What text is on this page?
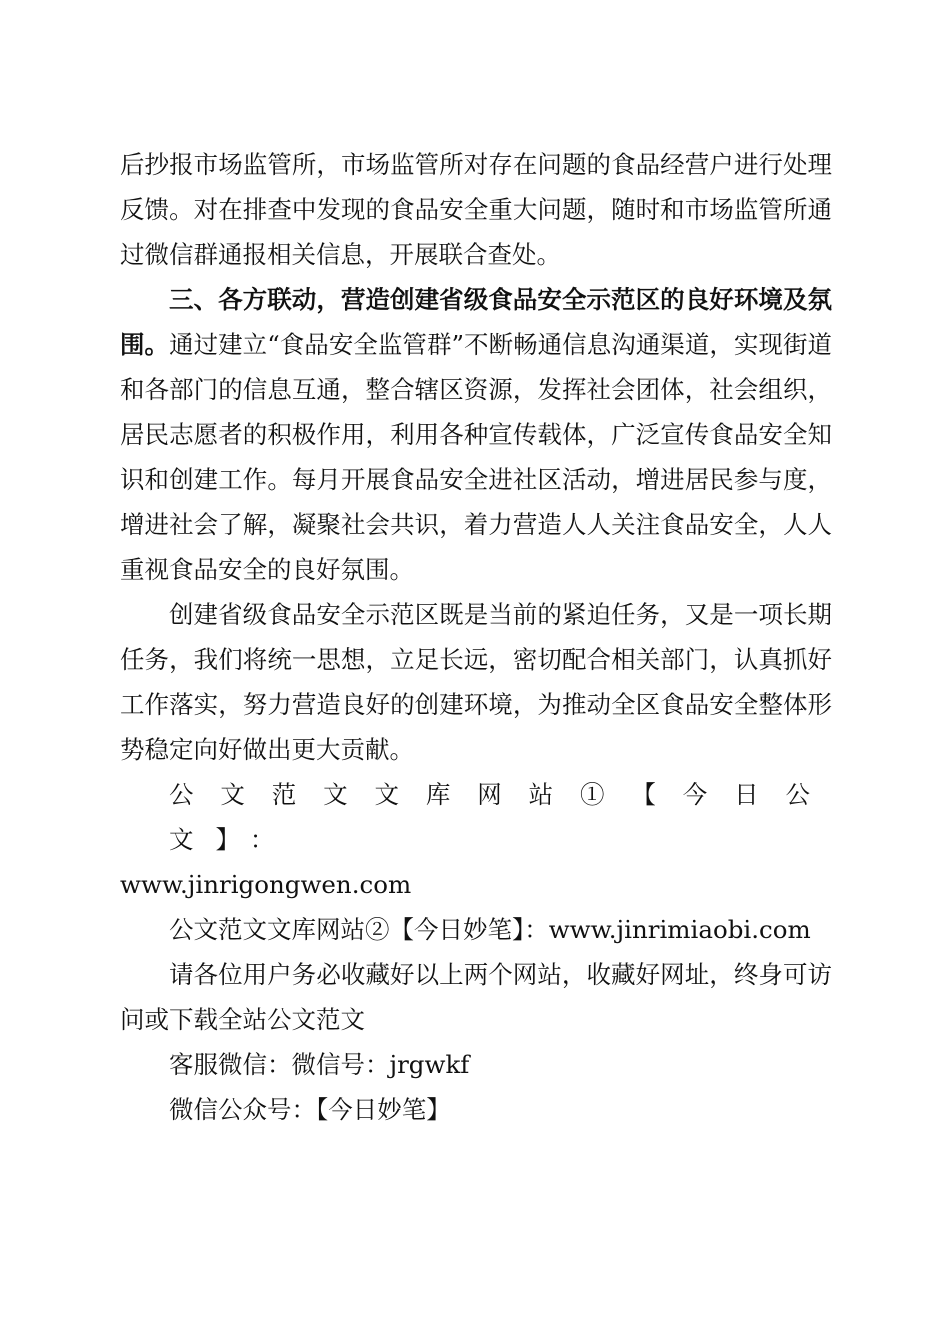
后抄报市场监管所，市场监管所对存在问题的食品经营户进行处理反馈。对在排查中发现的食品安全重大问题，随时和市场监管所通过微信群通报相关信息，开展联合查处。

三、各方联动，营造创建省级食品安全示范区的良好环境及氛围。通过建立“食品安全监管群”不断畅通信息沟通渠道，实现街道和各部门的信息互通，整合辖区资源，发挥社会团体，社会组织，居民志愿者的积极作用，利用各种宣传载体，广泛宣传食品安全知识和创建工作。每月开展食品安全进社区活动，增进居民参与度，增进社会了解，凝聚社会共识，着力营造人人关注食品安全，人人重视食品安全的良好氛围。

创建省级食品安全示范区既是当前的紧迫任务，又是一项长期任务，我们将统一思想，立足长远，密切配合相关部门，认真抓好工作落实，努力营造良好的创建环境，为推动全区食品安全整体形势稳定向好做出更大贡献。

公文范文文库网站①【今日公文】：
www.jinrigongwen.com

公文范文文库网站②【今日妙笔】：www.jinrimiaobi.com

请各位用户务必收藏好以上两个网站，收藏好网址，终身可访问或下载全站公文范文

客服微信：微信号：jrgwkf

微信公众号：【今日妙笔】
